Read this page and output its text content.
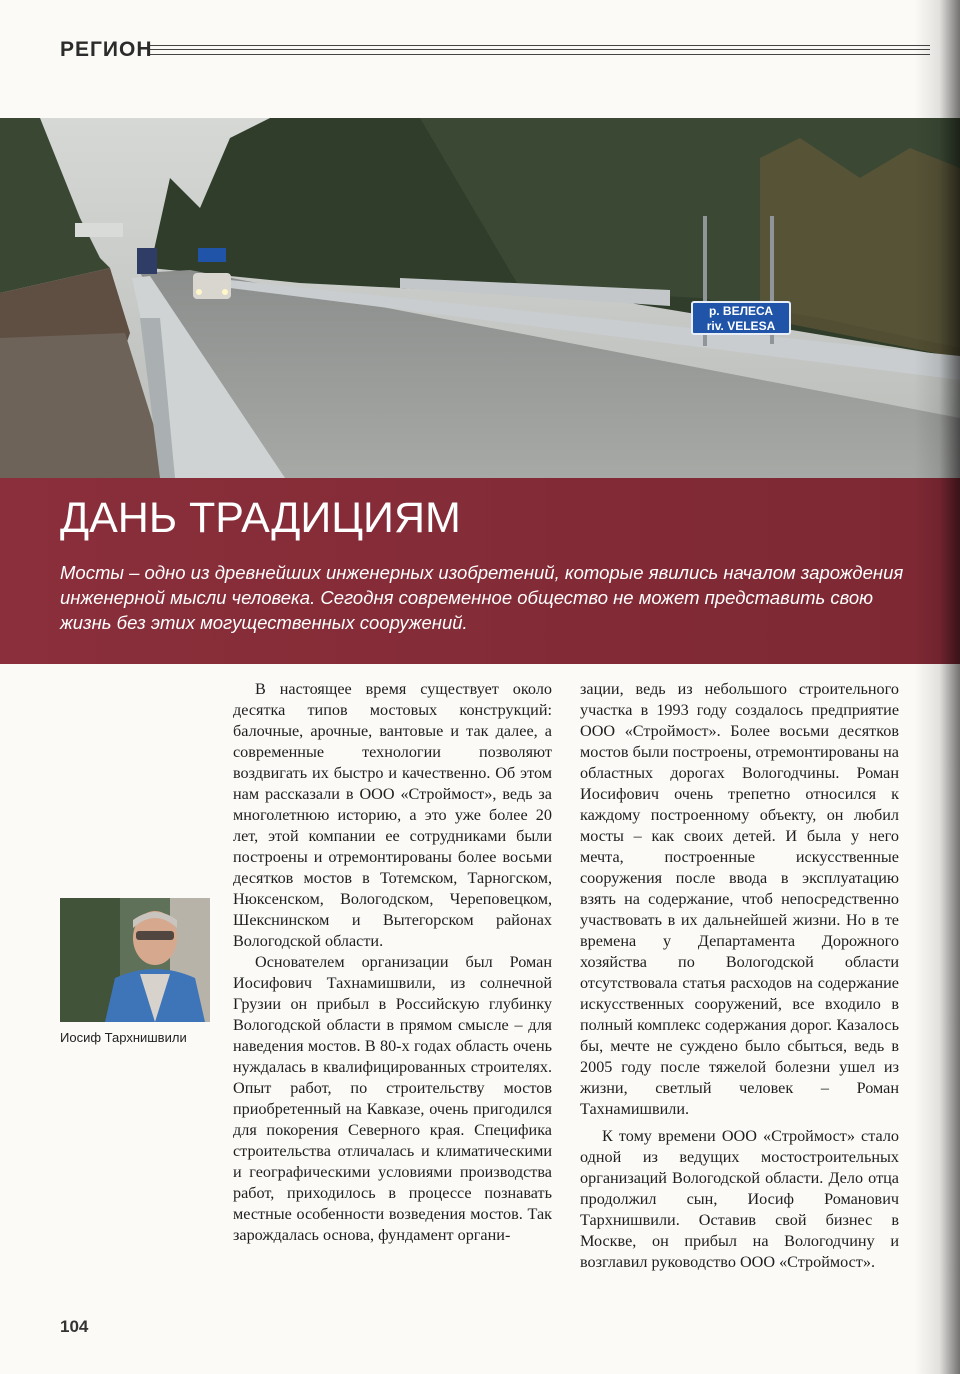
РЕГИОН
р. ВЕЛЕСА
riv. VELESA
ДАНЬ ТРАДИЦИЯМ
Мосты – одно из древнейших инженерных изобретений, которые явились началом зарождения инженерной мысли человека. Сегодня современное общество не может представить свою жизнь без этих могущественных сооружений.
Иосиф Тархнишвили

В настоящее время существует около десятка типов мостовых конструкций: балочные, арочные, вантовые и так далее, а современные технологии позволяют воздвигать их быстро и качественно. Об этом нам рассказали в ООО «Строймост», ведь за многолетнюю историю, а это уже более 20 лет, этой компании ее сотрудниками были построены и отремонтированы более восьми десятков мостов в Тотемском, Тарногском, Нюксенском, Вологодском, Череповецком, Шекснинском и Вытегорском районах Вологодской области.

Основателем организации был Роман Иосифович Тахнамишвили, из солнечной Грузии он прибыл в Российскую глубинку Вологодской области в прямом смысле – для наведения мостов. В 80-х годах область очень нуждалась в квалифицированных строителях. Опыт работ, по строительству мостов приобретенный на Кавказе, очень пригодился для покорения Северного края. Специфика строительства отличалась и климатическими и географическими условиями производства работ, приходилось в процессе познавать местные особенности возведения мостов. Так зарождалась основа, фундамент органи-

зации, ведь из небольшого строительного участка в 1993 году создалось предприятие ООО «Строймост». Более восьми десятков мостов были построены, отремонтированы на областных дорогах Вологодчины. Роман Иосифович очень трепетно относился к каждому построенному объекту, он любил мосты – как своих детей. И была у него мечта, построенные искусственные сооружения после ввода в эксплуатацию взять на содержание, чтоб непосредственно участвовать в их дальнейшей жизни. Но в те времена у Департамента Дорожного хозяйства по Вологодской области отсутствовала статья расходов на содержание искусственных сооружений, все входило в полный комплекс содержания дорог. Казалось бы, мечте не суждено было сбыться, ведь в 2005 году после тяжелой болезни ушел из жизни, светлый человек – Роман Тахнамишвили.

К тому времени ООО «Строймост» стало одной из ведущих мостостроительных организаций Вологодской области. Дело отца продолжил сын, Иосиф Романович Тархнишвили. Оставив свой бизнес в Москве, он прибыл на Вологодчину и возглавил руководство ООО «Строймост».

104
